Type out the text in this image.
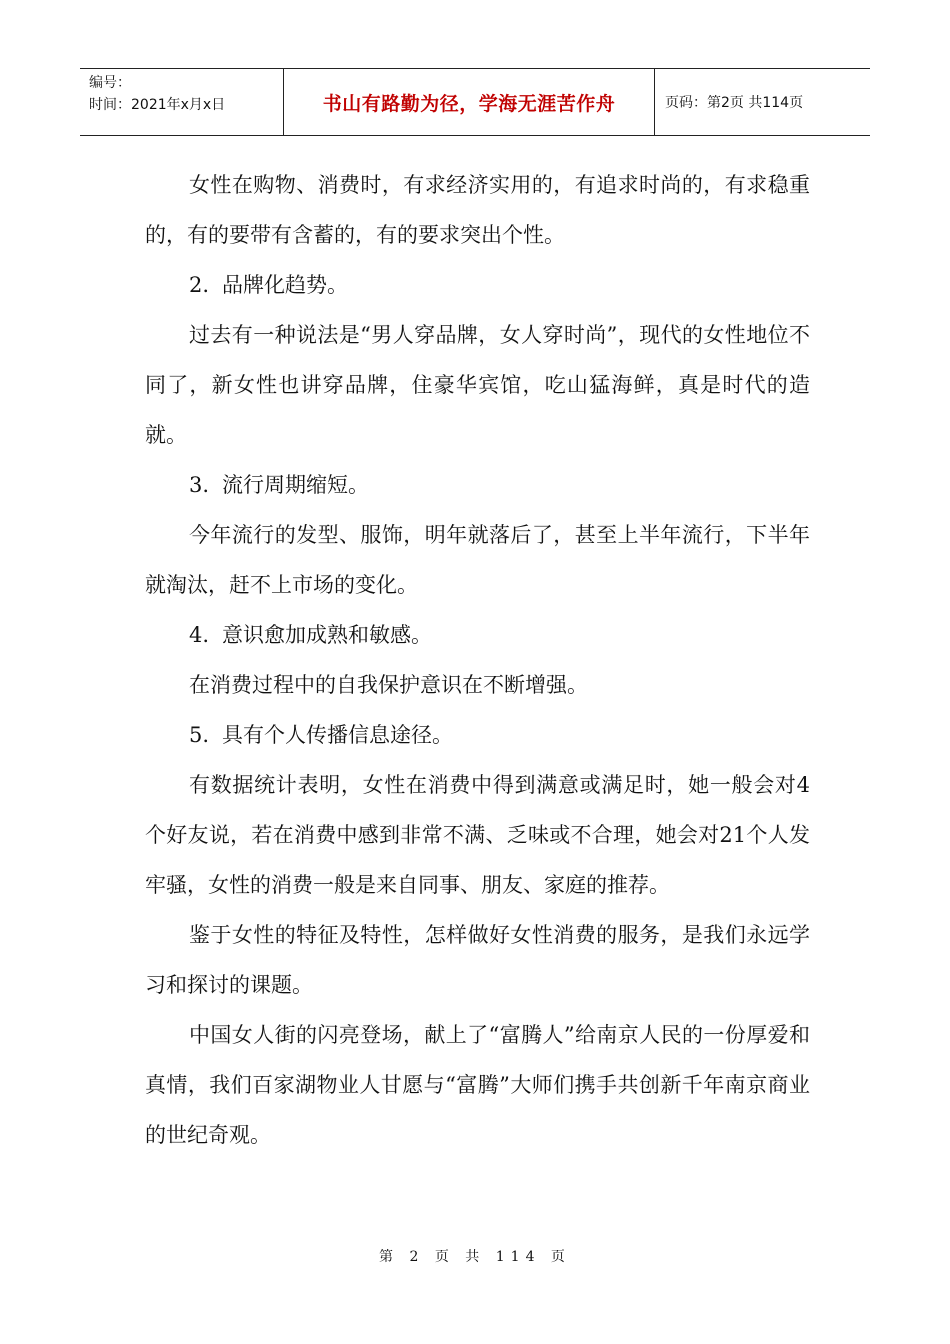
编号：
时间：2021年x月x日	书山有路勤为径，学海无涯苦作舟	页码：第2页 共114页

女性在购物、消费时，有求经济实用的，有追求时尚的，有求稳重的，有的要带有含蓄的，有的要求突出个性。

2. 品牌化趋势。

过去有一种说法是“男人穿品牌，女人穿时尚”，现代的女性地位不同了，新女性也讲穿品牌，住豪华宾馆，吃山猛海鲜，真是时代的造就。

3. 流行周期缩短。

今年流行的发型、服饰，明年就落后了，甚至上半年流行，下半年就淘汰，赶不上市场的变化。

4. 意识愈加成熟和敏感。

在消费过程中的自我保护意识在不断增强。

5. 具有个人传播信息途径。

有数据统计表明，女性在消费中得到满意或满足时，她一般会对4个好友说，若在消费中感到非常不满、乏味或不合理，她会对21个人发牢骚，女性的消费一般是来自同事、朋友、家庭的推荐。

鉴于女性的特征及特性，怎样做好女性消费的服务，是我们永远学习和探讨的课题。

中国女人街的闪亮登场，献上了“富腾人”给南京人民的一份厚爱和真情，我们百家湖物业人甘愿与“富腾”大师们携手共创新千年南京商业的世纪奇观。

第 2 页 共 114 页
